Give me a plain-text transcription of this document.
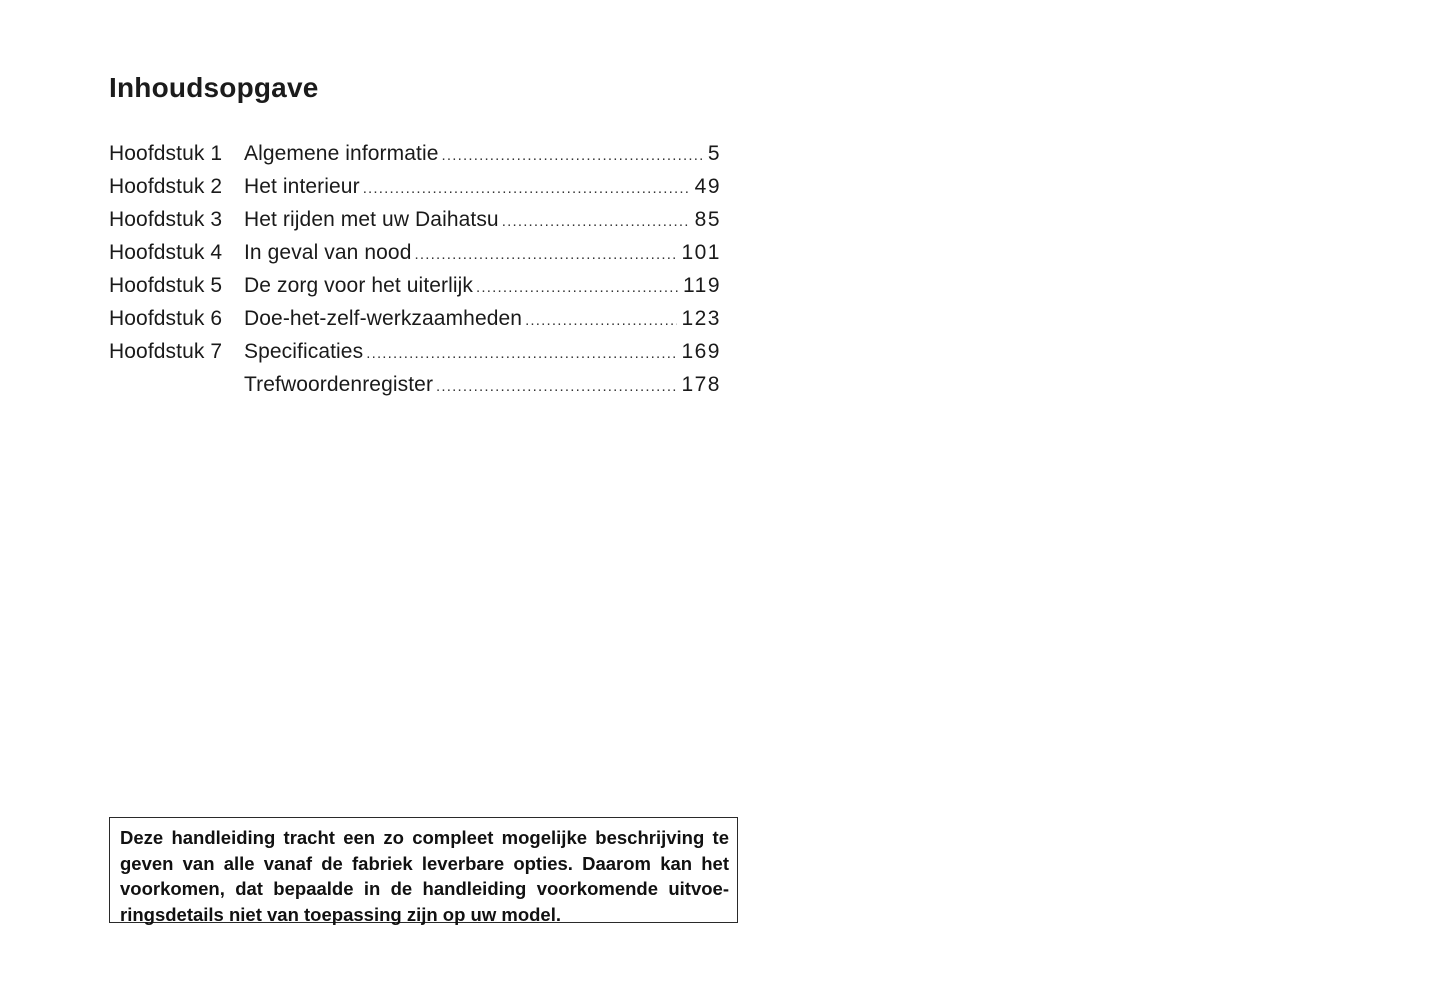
Inhoudsopgave
Hoofdstuk 1	Algemene informatie .....	5
Hoofdstuk 2	Het interieur .....	49
Hoofdstuk 3	Het rijden met uw Daihatsu .....	85
Hoofdstuk 4	In geval van nood .....	101
Hoofdstuk 5	De zorg voor het uiterlijk .....	119
Hoofdstuk 6	Doe-het-zelf-werkzaamheden .....	123
Hoofdstuk 7	Specificaties .....	169
Trefwoordenregister .....	178
Deze handleiding tracht een zo compleet mogelijke beschrijving te geven van alle vanaf de fabriek leverbare opties. Daarom kan het voorkomen, dat bepaalde in de handleiding voorkomende uitvoe-ringsdetails niet van toepassing zijn op uw model.
